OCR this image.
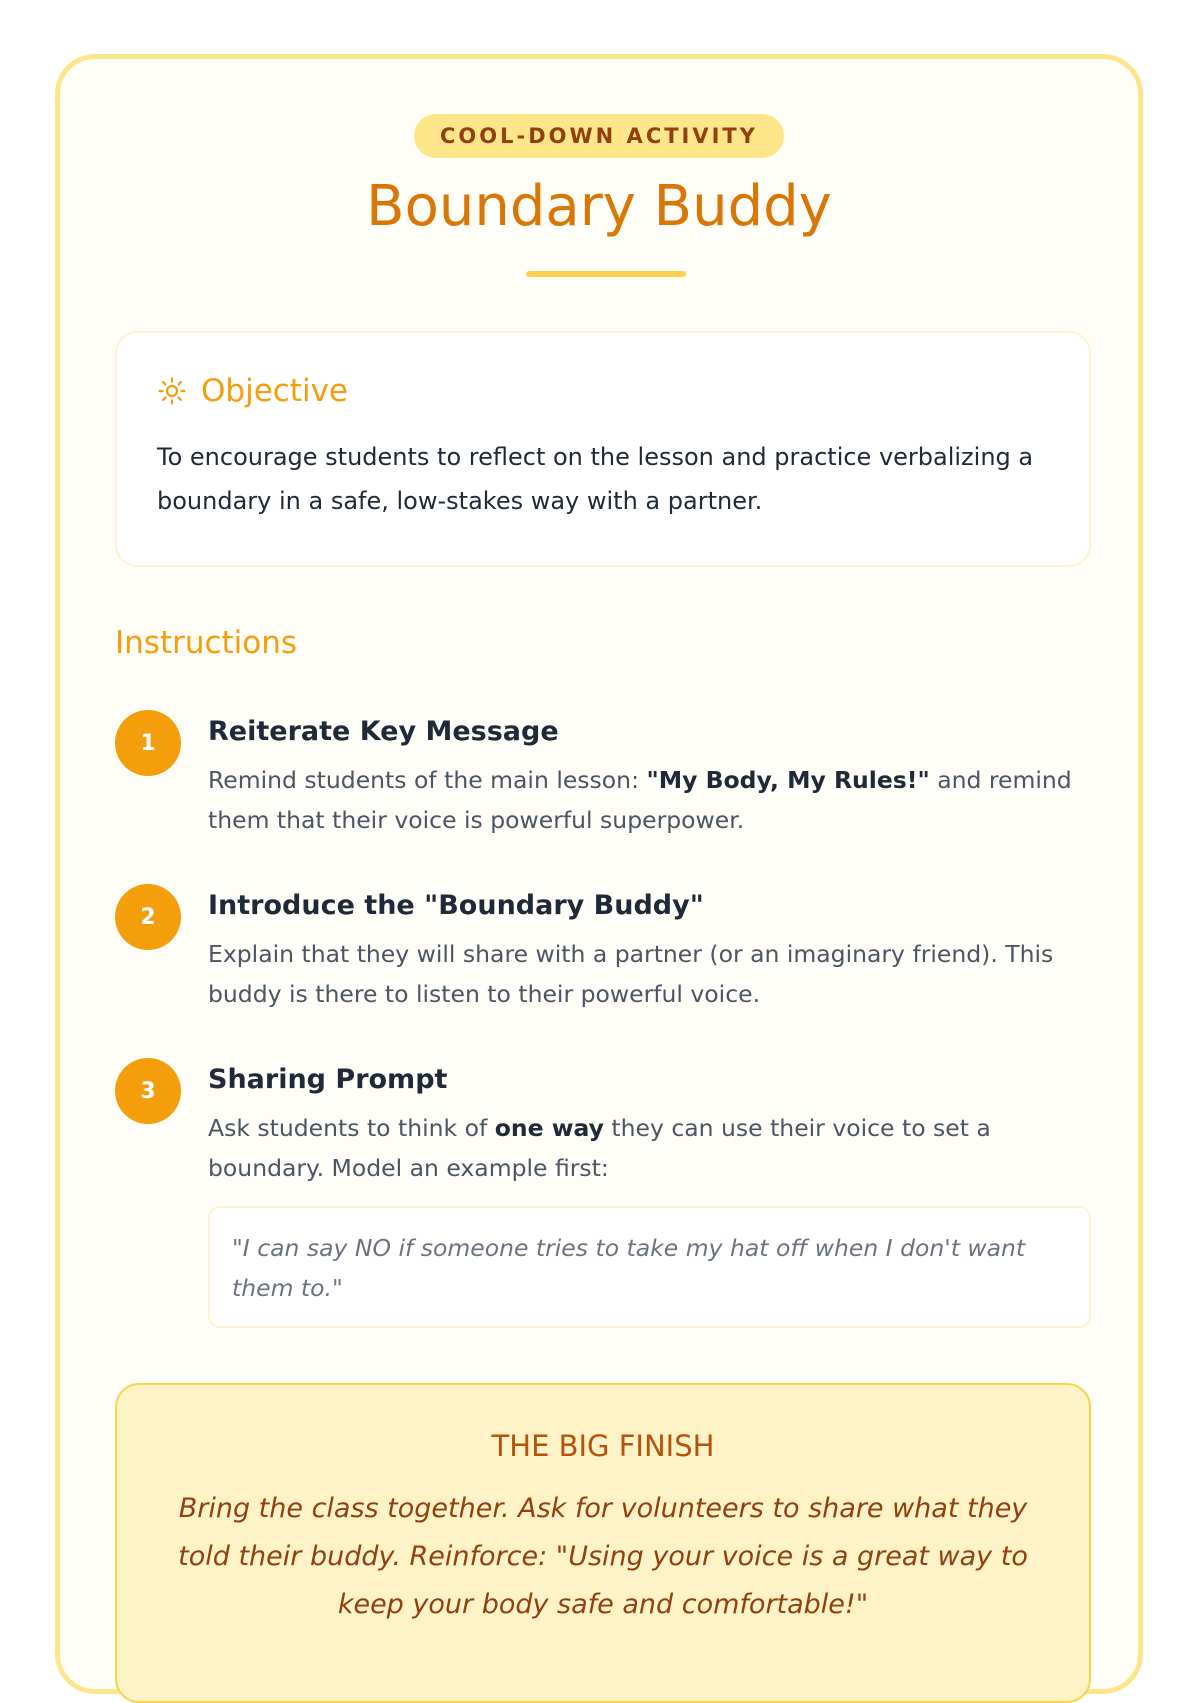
COOL-DOWN ACTIVITY
Boundary Buddy
Objective
To encourage students to reflect on the lesson and practice verbalizing a boundary in a safe, low-stakes way with a partner.
Instructions
1	Reiterate Key Message
Remind students of the main lesson: "My Body, My Rules!" and remind them that their voice is powerful superpower.
2	Introduce the "Boundary Buddy"
Explain that they will share with a partner (or an imaginary friend). This buddy is there to listen to their powerful voice.
3	Sharing Prompt
Ask students to think of one way they can use their voice to set a boundary. Model an example first:
"I can say NO if someone tries to take my hat off when I don't want them to."
THE BIG FINISH
Bring the class together. Ask for volunteers to share what they told their buddy. Reinforce: "Using your voice is a great way to keep your body safe and comfortable!"
